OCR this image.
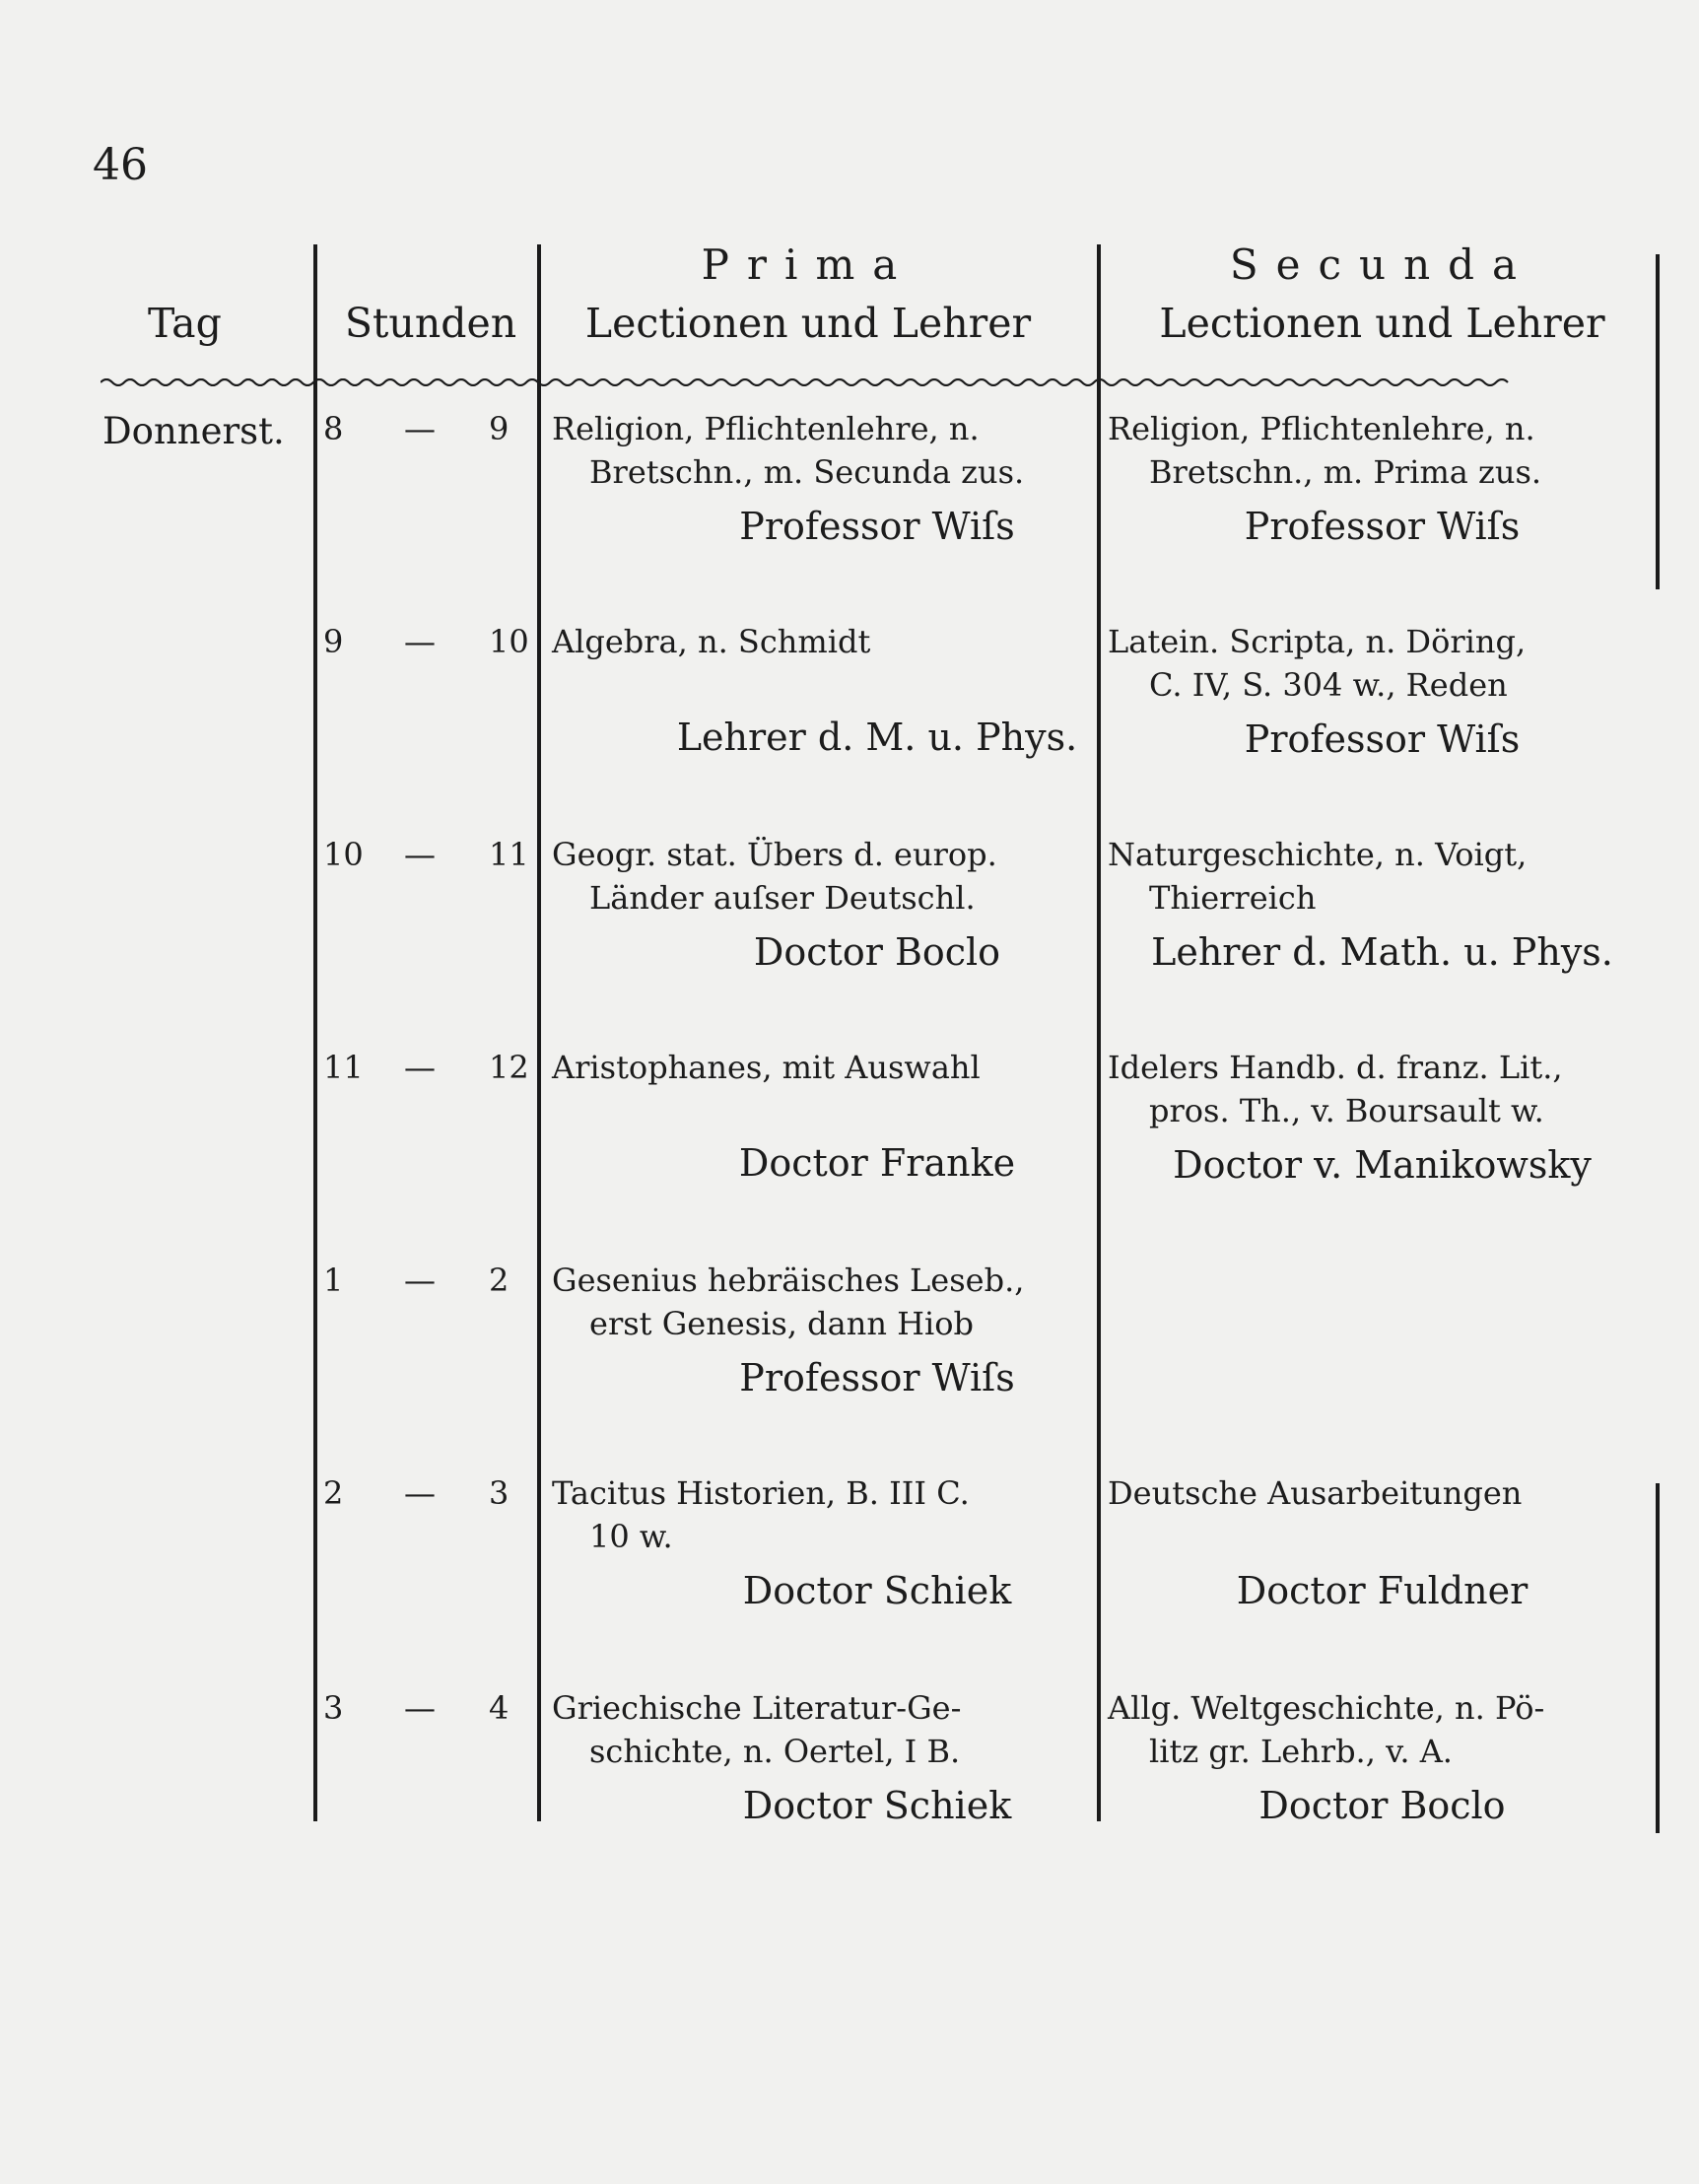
46
Tag	Stunden
Prima
Lectionen und Lehrer
Secunda
Lectionen und Lehrer
Donnerst. 8 — 9 Religion, Pflichtenlehre, n.
Bretschn., m. Secunda zus.
Professor Wiſs
Religion, Pflichtenlehre, n.
Bretschn., m. Prima zus.
Professor Wiſs
9 — 10 Algebra, n. Schmidt
Lehrer d. M. u. Phys.
Latein. Scripta, n. Döring,
C. IV, S. 304 w., Reden
Professor Wiſs
10 — 11 Geogr. stat. Übers d. europ.
Länder auſser Deutschl.
Doctor Boclo
Naturgeschichte, n. Voigt,
Thierreich
Lehrer d. Math. u. Phys.
11 — 12 Aristophanes, mit Auswahl
Doctor Franke
Idelers Handb. d. franz. Lit.,
pros. Th., v. Boursault w.
Doctor v. Manikowsky
1 — 2 Gesenius hebräisches Leseb.,
erst Genesis, dann Hiob
Professor Wiſs
2 — 3 Tacitus Historien, B. III C.
10 w.
Doctor Schiek
Deutsche Ausarbeitungen
Doctor Fuldner
3 — 4 Griechische Literatur-Ge-
schichte, n. Oertel, I B.
Doctor Schiek
Allg. Weltgeschichte, n. Pö-
litz gr. Lehrb., v. A.
Doctor Boclo
